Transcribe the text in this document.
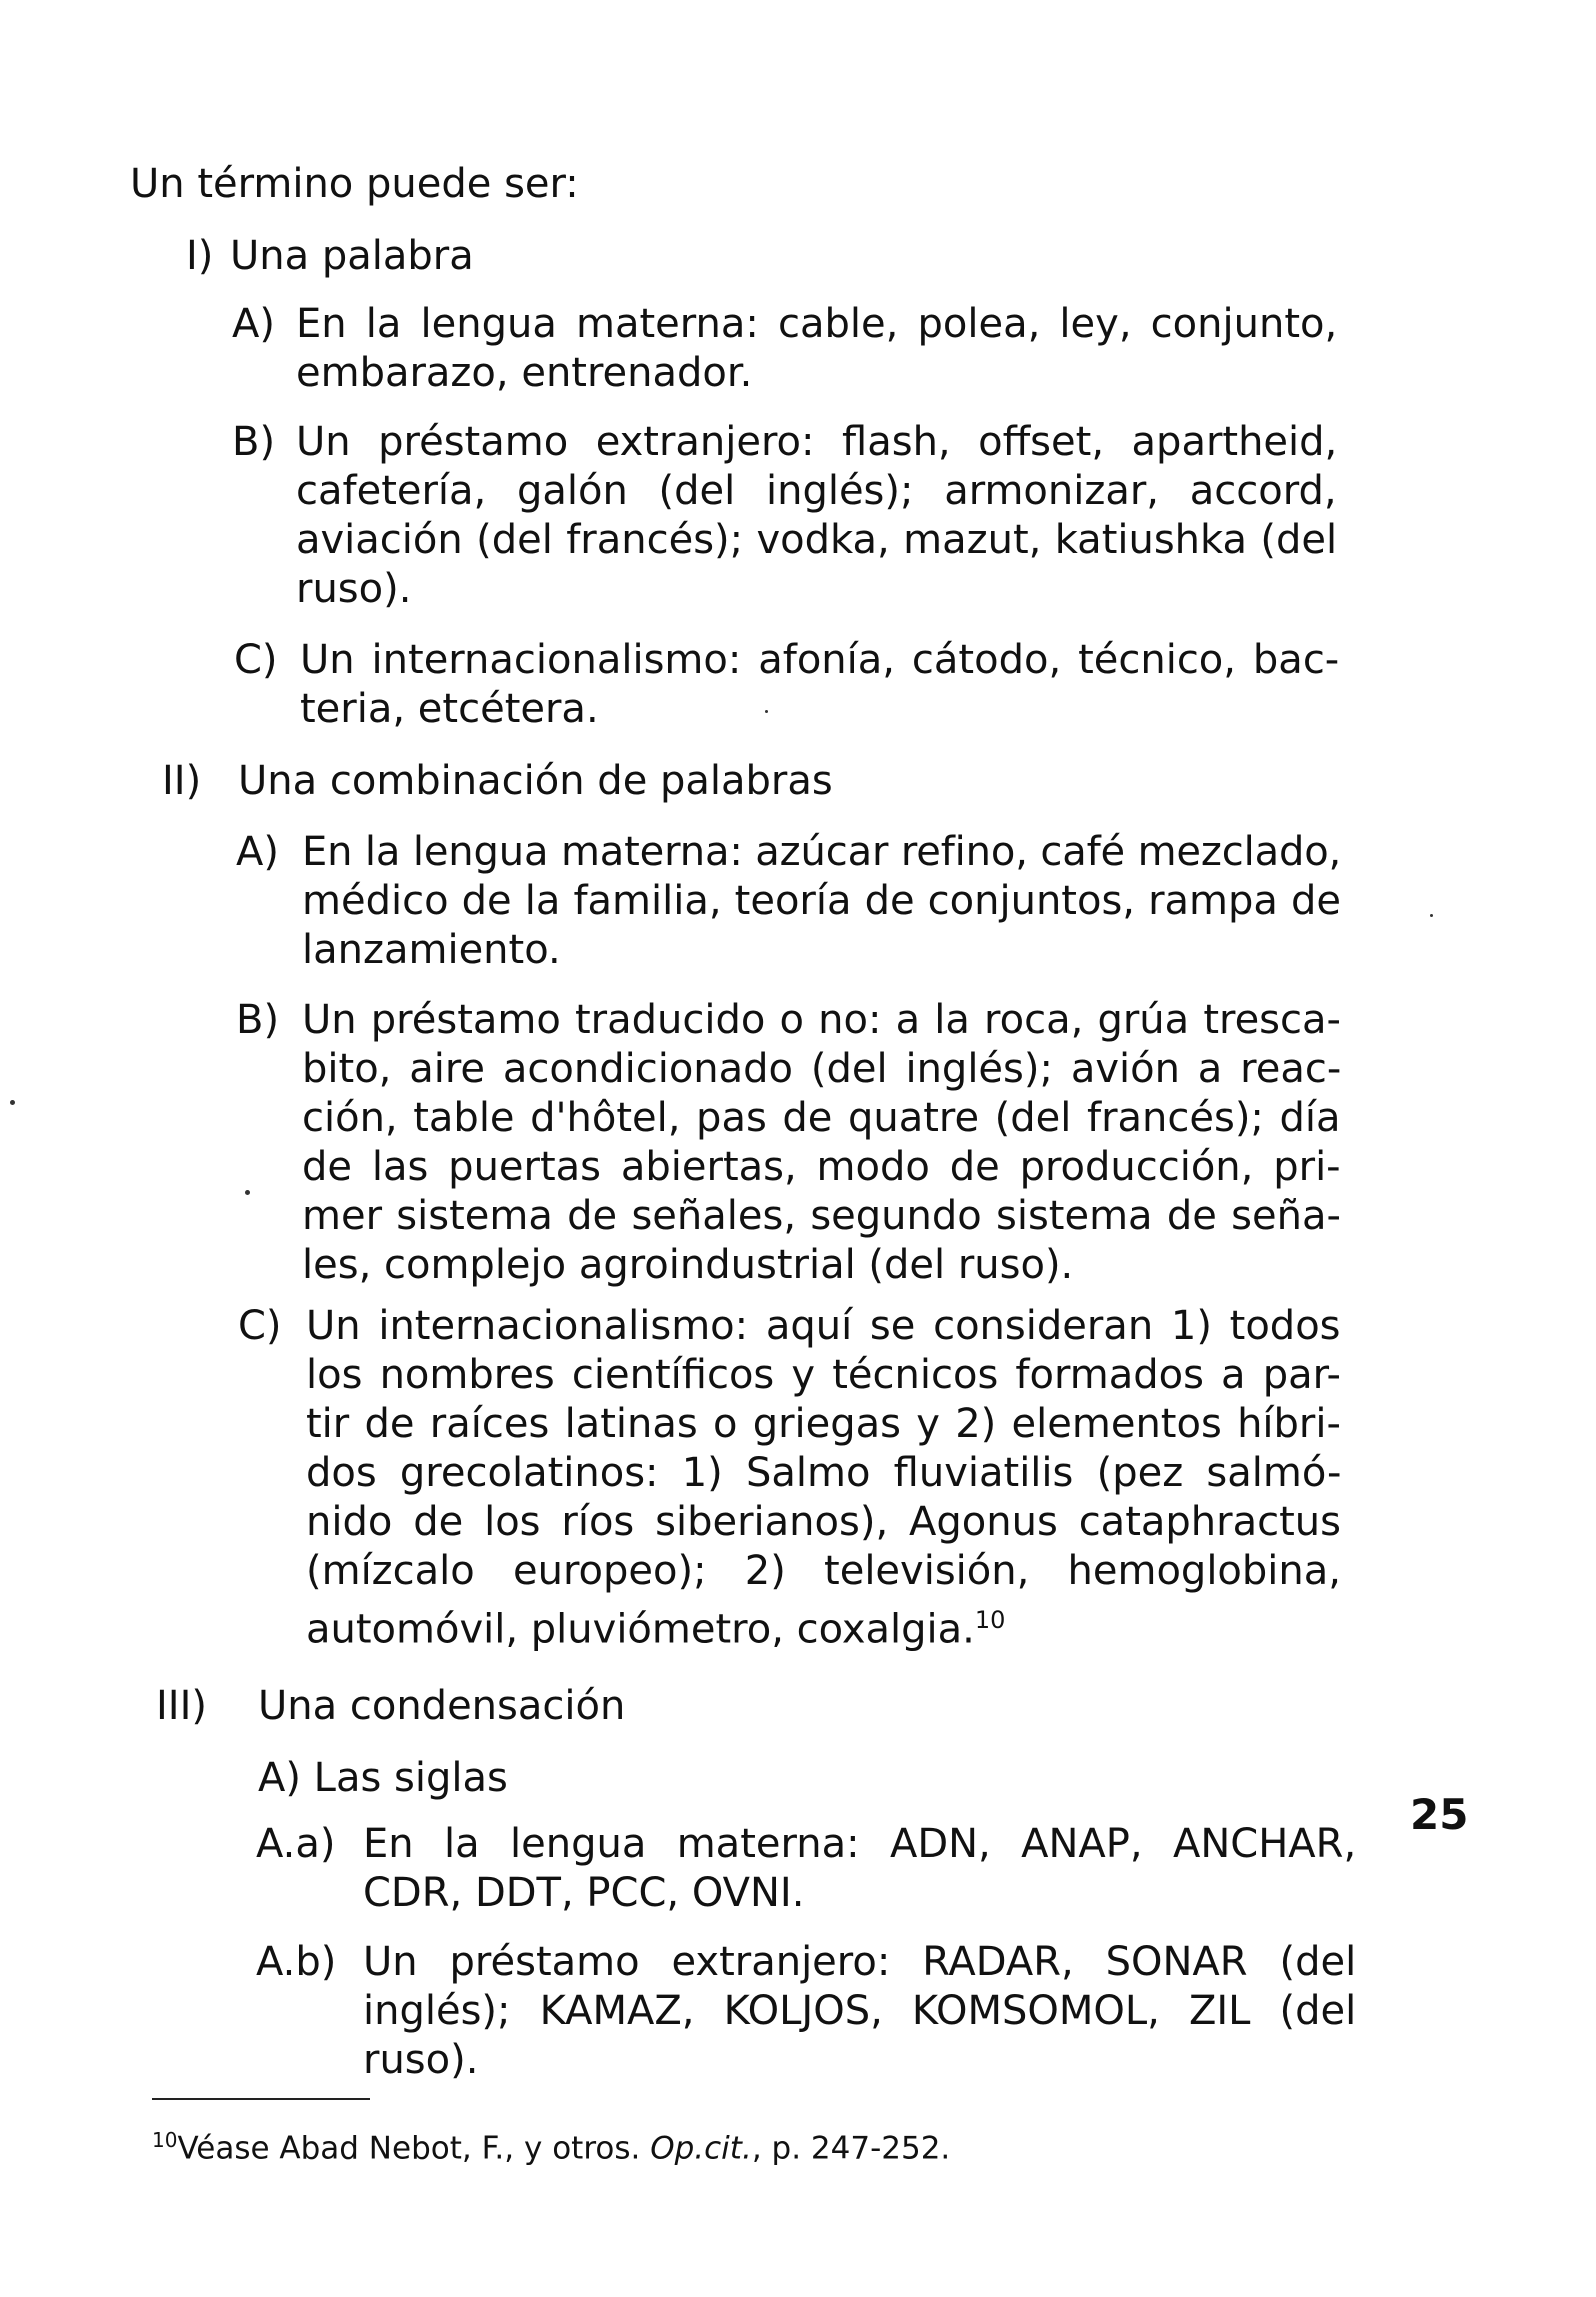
Un término puede ser:
I) Una palabra
A) En la lengua materna: cable, polea, ley, conjunto,
embarazo, entrenador.
B) Un préstamo extranjero: flash, offset, apartheid,
cafetería, galón (del inglés); armonizar, accord,
aviación (del francés); vodka, mazut, katiushka (del
ruso).
C) Un internacionalismo: afonía, cátodo, técnico, bac-
teria, etcétera.
II) Una combinación de palabras
A) En la lengua materna: azúcar refino, café mezclado,
médico de la familia, teoría de conjuntos, rampa de
lanzamiento.
B) Un préstamo traducido o no: a la roca, grúa tresca-
bito, aire acondicionado (del inglés); avión a reac-
ción, table d'hôtel, pas de quatre (del francés); día
de las puertas abiertas, modo de producción, pri-
mer sistema de señales, segundo sistema de seña-
les, complejo agroindustrial (del ruso).
C) Un internacionalismo: aquí se consideran 1) todos
los nombres científicos y técnicos formados a par-
tir de raíces latinas o griegas y 2) elementos híbri-
dos grecolatinos: 1) Salmo fluviatilis (pez salmó-
nido de los ríos siberianos), Agonus cataphractus
(mízcalo europeo); 2) televisión, hemoglobina,
automóvil, pluviómetro, coxalgia.$^{10}$
III) Una condensación
A) Las siglas
A.a) En la lengua materna: ADN, ANAP, ANCHAR,
CDR, DDT, PCC, OVNI.
A.b) Un préstamo extranjero: RADAR, SONAR (del
inglés); KAMAZ, KOLJOS, KOMSOMOL, ZIL (del
ruso).
25
$^{10}$Véase Abad Nebot, F., y otros. Op.cit., p. 247-252.
